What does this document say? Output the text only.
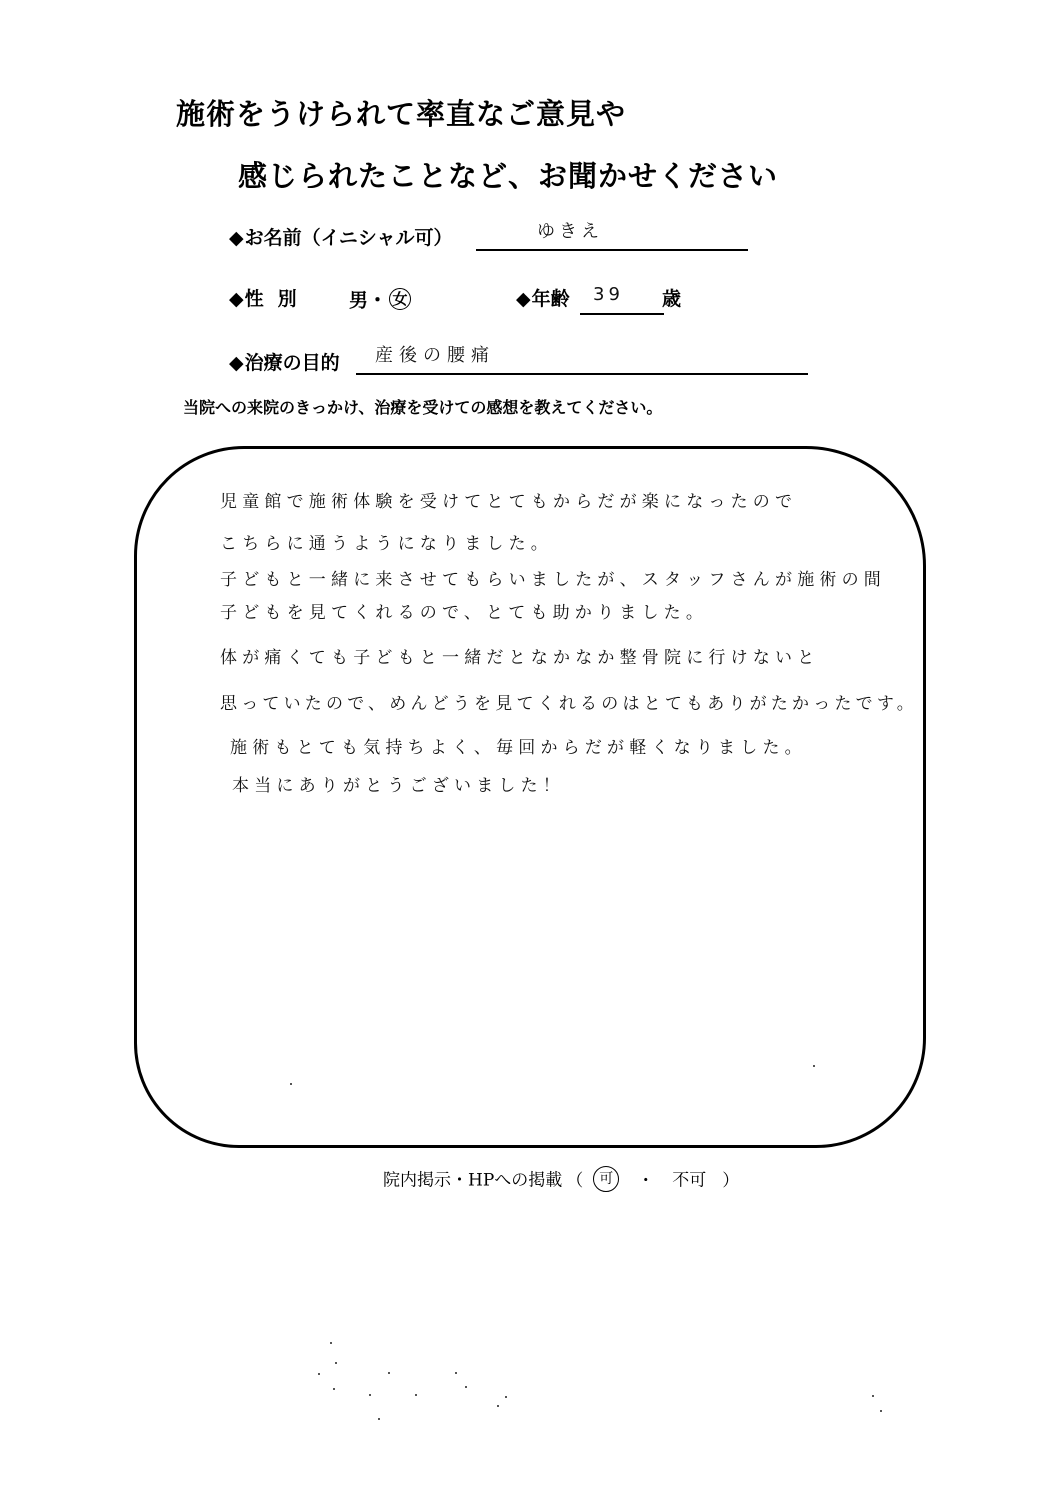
施術をうけられて率直なご意見や
感じられたことなど、お聞かせください
◆お名前（イニシャル可）	ゆきえ
◆性 別	男・ 女	◆年齢 39 歳
◆治療の目的 産後の腰痛
当院への来院のきっかけ、治療を受けての感想を教えてください。
児童館で施術体験を受けてとてもからだが楽になったので
こちらに通うようになりました。
子どもと一緒に来させてもらいましたが、スタッフさんが施術の間
子どもを見てくれるので、とても助かりました。
体が痛くても子どもと一緒だとなかなか整骨院に行けないと
思っていたので、めんどうを見てくれるのはとてもありがたかったです。
施術もとても気持ちよく、毎回からだが軽くなりました。
本当にありがとうございました！
院内掲示・HPへの掲載 （ 可 ・ 不可 ）
